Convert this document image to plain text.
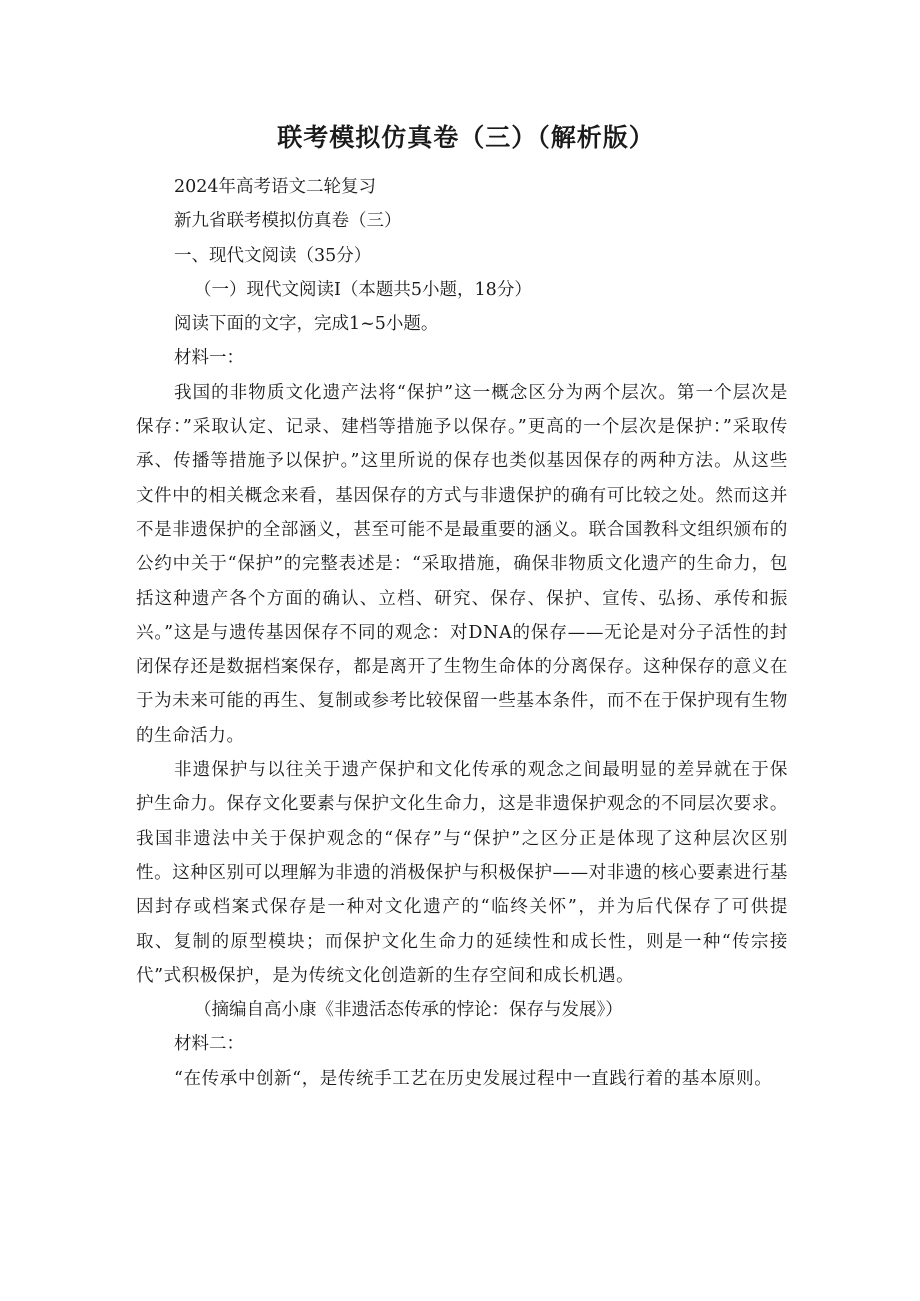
联考模拟仿真卷（三）（解析版）

2024年高考语文二轮复习

新九省联考模拟仿真卷（三）

一、现代文阅读（35分）

（一）现代文阅读Ⅰ（本题共5小题，18分）

阅读下面的文字，完成1~5小题。

材料一：

我国的非物质文化遗产法将“保护”这一概念区分为两个层次。第一个层次是保存：”采取认定、记录、建档等措施予以保存。”更高的一个层次是保护：”采取传承、传播等措施予以保护。”这里所说的保存也类似基因保存的两种方法。从这些文件中的相关概念来看，基因保存的方式与非遗保护的确有可比较之处。然而这并不是非遗保护的全部涵义，甚至可能不是最重要的涵义。联合国教科文组织颁布的公约中关于“保护”的完整表述是：“采取措施，确保非物质文化遗产的生命力，包括这种遗产各个方面的确认、立档、研究、保存、保护、宣传、弘扬、承传和振兴。”这是与遗传基因保存不同的观念：对DNA的保存——无论是对分子活性的封闭保存还是数据档案保存，都是离开了生物生命体的分离保存。这种保存的意义在于为未来可能的再生、复制或参考比较保留一些基本条件，而不在于保护现有生物的生命活力。

非遗保护与以往关于遗产保护和文化传承的观念之间最明显的差异就在于保护生命力。保存文化要素与保护文化生命力，这是非遗保护观念的不同层次要求。我国非遗法中关于保护观念的“保存”与“保护”之区分正是体现了这种层次区别性。这种区别可以理解为非遗的消极保护与积极保护——对非遗的核心要素进行基因封存或档案式保存是一种对文化遗产的“临终关怀”，并为后代保存了可供提取、复制的原型模块；而保护文化生命力的延续性和成长性，则是一种“传宗接代”式积极保护，是为传统文化创造新的生存空间和成长机遇。

（摘编自高小康《非遗活态传承的悖论：保存与发展》）

材料二：

“在传承中创新“，是传统手工艺在历史发展过程中一直践行着的基本原则。
